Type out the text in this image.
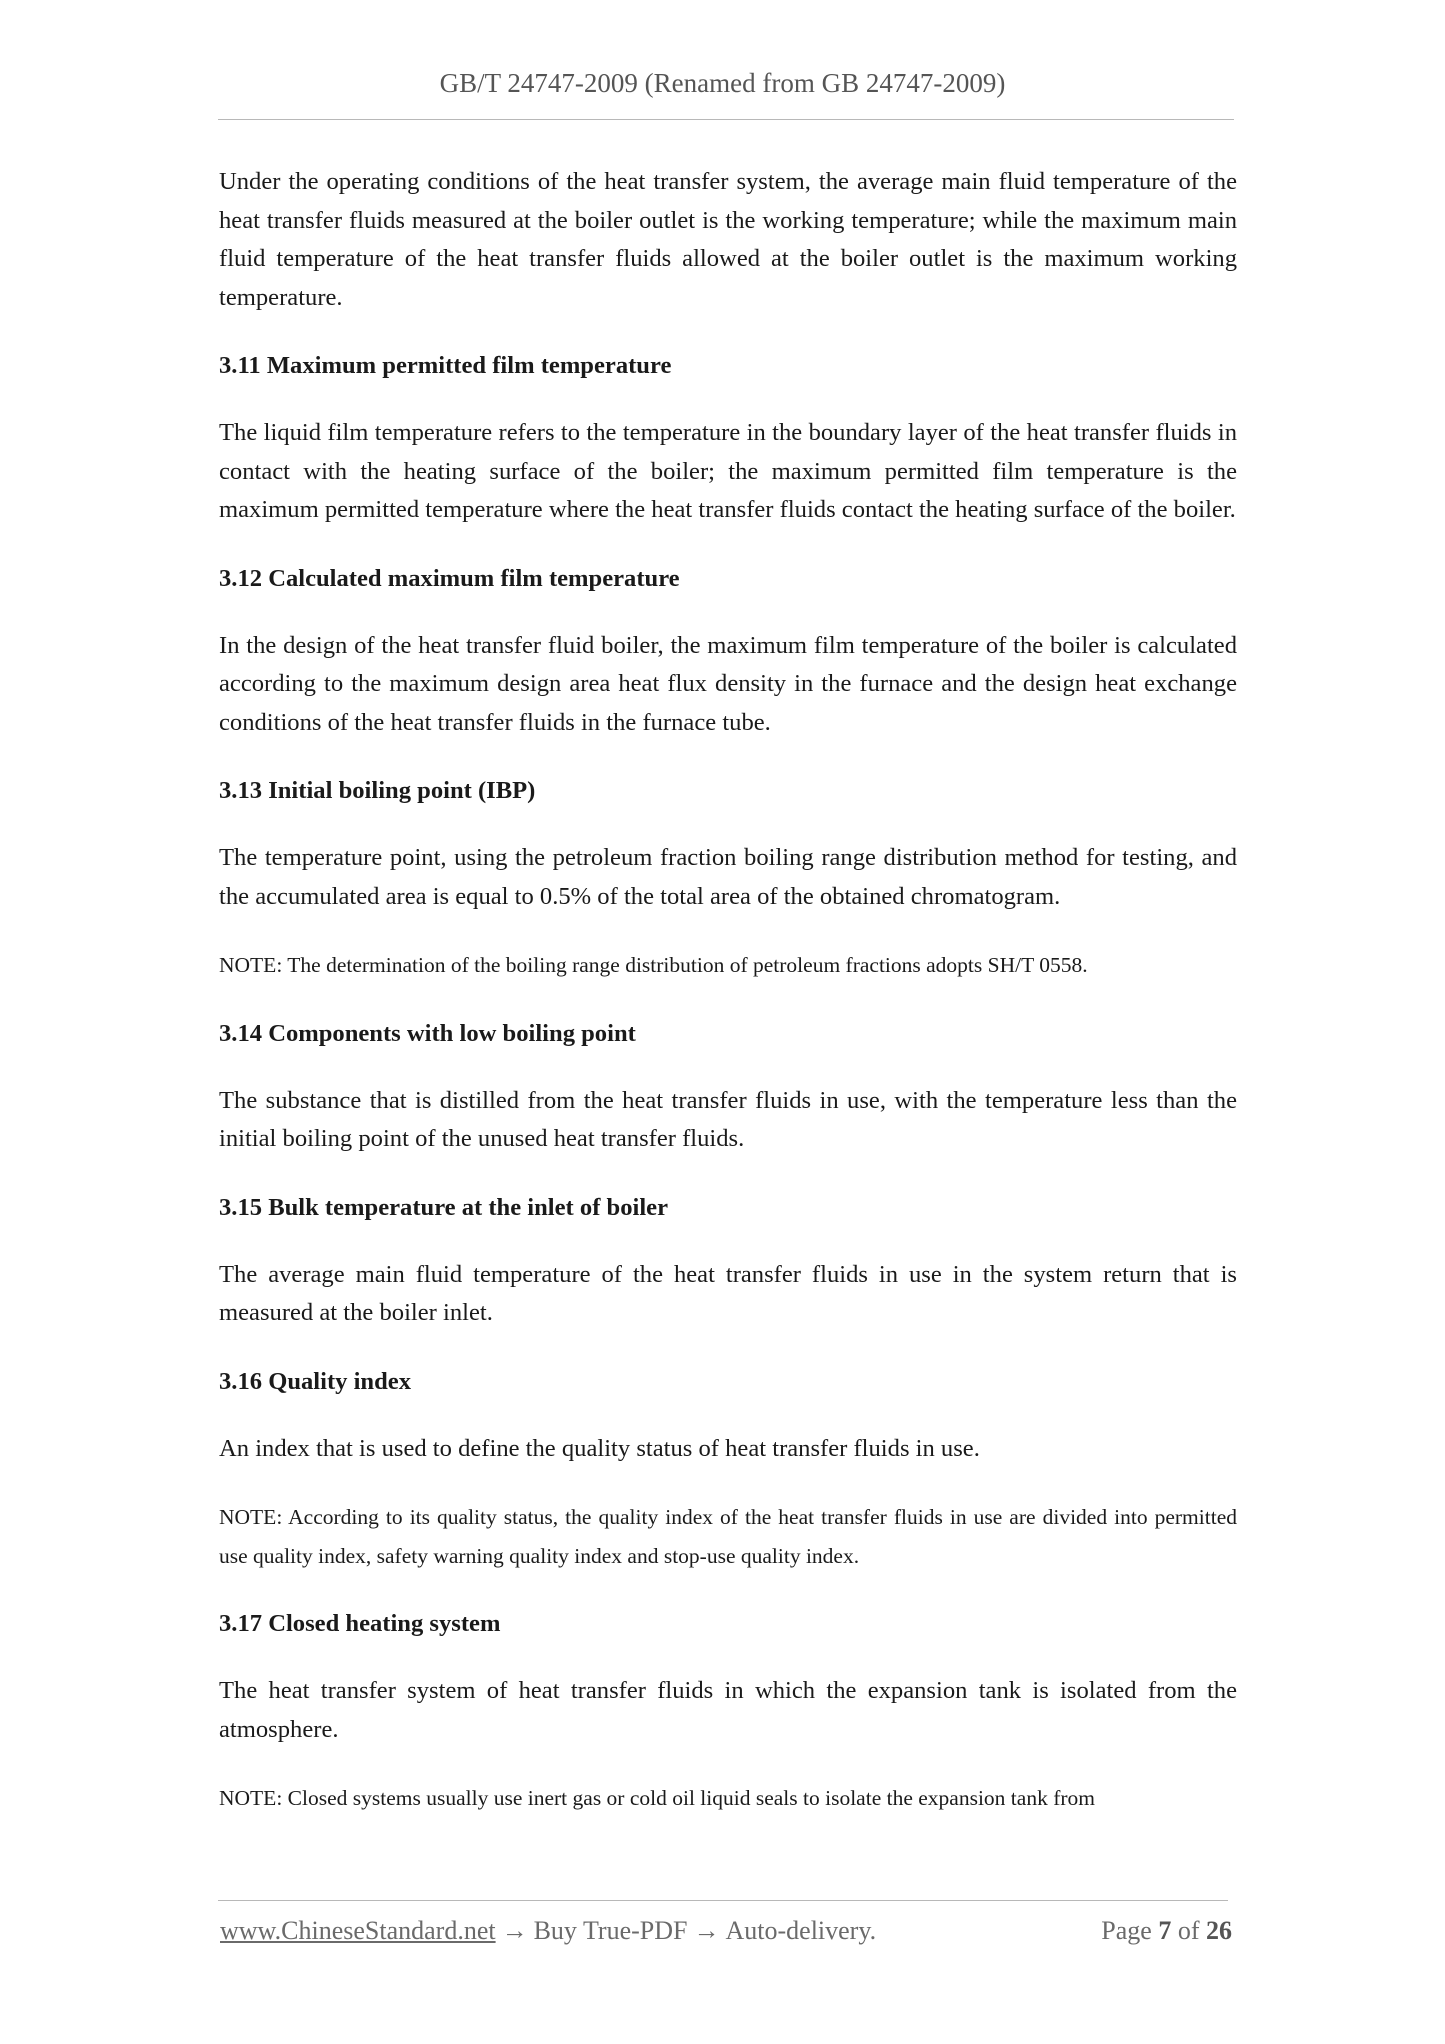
GB/T 24747-2009 (Renamed from GB 24747-2009)

Under the operating conditions of the heat transfer system, the average main fluid temperature of the heat transfer fluids measured at the boiler outlet is the working temperature; while the maximum main fluid temperature of the heat transfer fluids allowed at the boiler outlet is the maximum working temperature.

3.11 Maximum permitted film temperature

The liquid film temperature refers to the temperature in the boundary layer of the heat transfer fluids in contact with the heating surface of the boiler; the maximum permitted film temperature is the maximum permitted temperature where the heat transfer fluids contact the heating surface of the boiler.

3.12 Calculated maximum film temperature

In the design of the heat transfer fluid boiler, the maximum film temperature of the boiler is calculated according to the maximum design area heat flux density in the furnace and the design heat exchange conditions of the heat transfer fluids in the furnace tube.

3.13 Initial boiling point (IBP)

The temperature point, using the petroleum fraction boiling range distribution method for testing, and the accumulated area is equal to 0.5% of the total area of the obtained chromatogram.

NOTE: The determination of the boiling range distribution of petroleum fractions adopts SH/T 0558.

3.14 Components with low boiling point

The substance that is distilled from the heat transfer fluids in use, with the temperature less than the initial boiling point of the unused heat transfer fluids.

3.15 Bulk temperature at the inlet of boiler

The average main fluid temperature of the heat transfer fluids in use in the system return that is measured at the boiler inlet.

3.16 Quality index

An index that is used to define the quality status of heat transfer fluids in use.

NOTE: According to its quality status, the quality index of the heat transfer fluids in use are divided into permitted use quality index, safety warning quality index and stop-use quality index.

3.17 Closed heating system

The heat transfer system of heat transfer fluids in which the expansion tank is isolated from the atmosphere.

NOTE: Closed systems usually use inert gas or cold oil liquid seals to isolate the expansion tank from

www.ChineseStandard.net → Buy True-PDF → Auto-delivery.	Page 7 of 26
